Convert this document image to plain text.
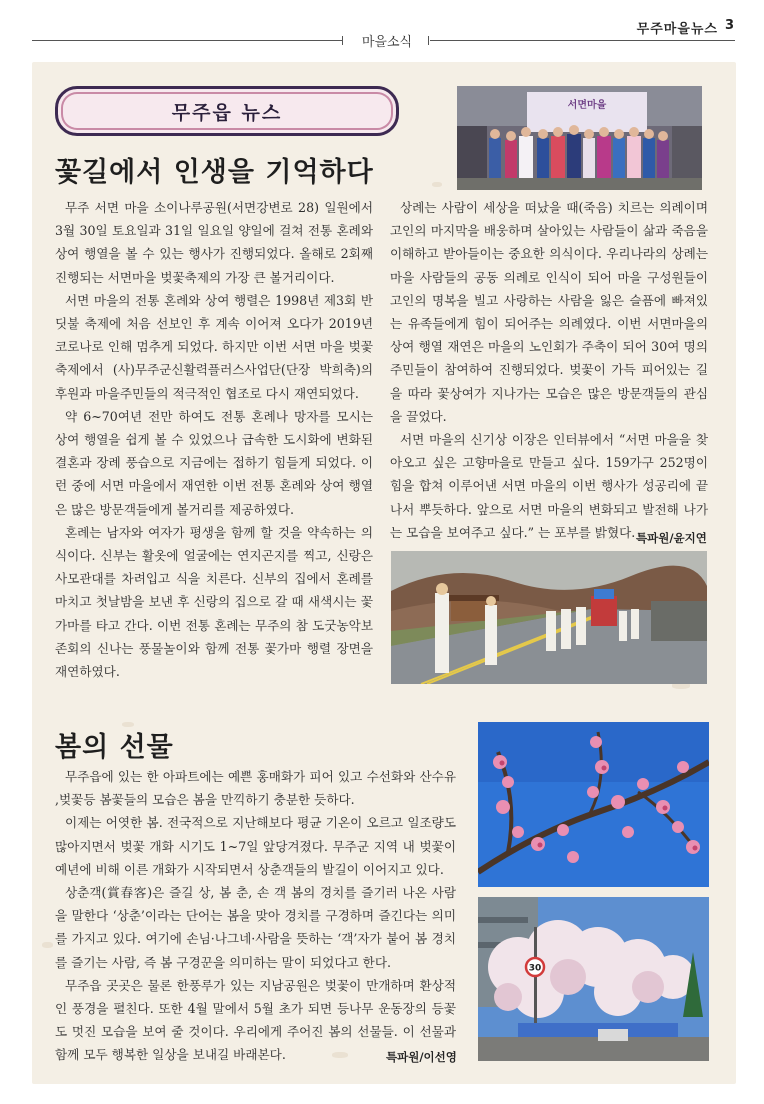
마을소식
무주마을뉴스 3
무주읍 뉴스
꽃길에서 인생을 기억하다
서면마을

무주 서면 마을 소이나루공원(서면강변로 28) 일원에서 3월 30일 토요일과 31일 일요일 양일에 걸쳐 전통 혼례와 상여 행열을 볼 수 있는 행사가 진행되었다. 올해로 2회째 진행되는 서면마을 벚꽃축제의 가장 큰 볼거리이다.

서면 마을의 전통 혼례와 상여 행렬은 1998년 제3회 반딧불 축제에 처음 선보인 후 계속 이어져 오다가 2019년 코로나로 인해 멈추게 되었다. 하지만 이번 서면 마을 벚꽃 축제에서 (사)무주군신활력플러스사업단(단장 박희축)의 후원과 마을주민들의 적극적인 협조로 다시 재연되었다.

약 6~70여년 전만 하여도 전통 혼례나 망자를 모시는 상여 행열을 쉽게 볼 수 있었으나 급속한 도시화에 변화된 결혼과 장례 풍습으로 지금에는 접하기 힘들게 되었다. 이런 중에 서면 마을에서 재연한 이번 전통 혼례와 상여 행열은 많은 방문객들에게 볼거리를 제공하였다.

혼례는 남자와 여자가 평생을 함께 할 것을 약속하는 의식이다. 신부는 활옷에 얼굴에는 연지곤지를 찍고, 신랑은 사모관대를 차려입고 식을 치른다. 신부의 집에서 혼례를 마치고 첫날밤을 보낸 후 신랑의 집으로 갈 때 새색시는 꽃가마를 타고 간다. 이번 전통 혼례는 무주의 참 도굿농악보존회의 신나는 풍물놀이와 함께 전통 꽃가마 행렬 장면을 재연하였다.

상례는 사람이 세상을 떠났을 때(죽음) 치르는 의례이며 고인의 마지막을 배웅하며 살아있는 사람들이 삶과 죽음을 이해하고 받아들이는 중요한 의식이다. 우리나라의 상례는 마을 사람들의 공동 의례로 인식이 되어 마을 구성원들이 고인의 명복을 빌고 사랑하는 사람을 잃은 슬픔에 빠져있는 유족들에게 힘이 되어주는 의례였다. 이번 서면마을의 상여 행열 재연은 마을의 노인회가 주축이 되어 30여 명의 주민들이 참여하여 진행되었다. 벚꽃이 가득 피어있는 길을 따라 꽃상여가 지나가는 모습은 많은 방문객들의 관심을 끌었다.

서면 마을의 신기상 이장은 인터뷰에서 “서면 마을을 찾아오고 싶은 고향마을로 만들고 싶다. 159가구 252명이 힘을 합쳐 이루어낸 서면 마을의 이번 행사가 성공리에 끝나서 뿌듯하다. 앞으로 서면 마을의 변화되고 발전해 나가는 모습을 보여주고 싶다.” 는 포부를 밝혔다. 특파원/윤지연
봄의 선물

무주읍에 있는 한 아파트에는 예쁜 홍매화가 피어 있고 수선화와 산수유 ,벚꽃등 봄꽃들의 모습은 봄을 만끽하기 충분한 듯하다.

이제는 어엿한 봄. 전국적으로 지난해보다 평균 기온이 오르고 일조량도 많아지면서 벚꽃 개화 시기도 1~7일 앞당겨졌다. 무주군 지역 내 벚꽃이 예년에 비해 이른 개화가 시작되면서 상춘객들의 발길이 이어지고 있다.

상춘객(賞春客)은 즐길 상, 봄 춘, 손 객 봄의 경치를 즐기러 나온 사람을 말한다 ‘상춘’이라는 단어는 봄을 맞아 경치를 구경하며 즐긴다는 의미를 가지고 있다. 여기에 손님·나그네·사람을 뜻하는 ‘객’자가 붙어 봄 경치를 즐기는 사람, 즉 봄 구경꾼을 의미하는 말이 되었다고 한다.

무주읍 곳곳은 물론 한풍루가 있는 지남공원은 벚꽃이 만개하며 환상적인 풍경을 펼친다. 또한 4월 말에서 5월 초가 되면 등나무 운동장의 등꽃도 멋진 모습을 보여 줄 것이다. 우리에게 주어진 봄의 선물들. 이 선물과 함께 모두 행복한 일상을 보내길 바래본다.	특파원/이선영
30
